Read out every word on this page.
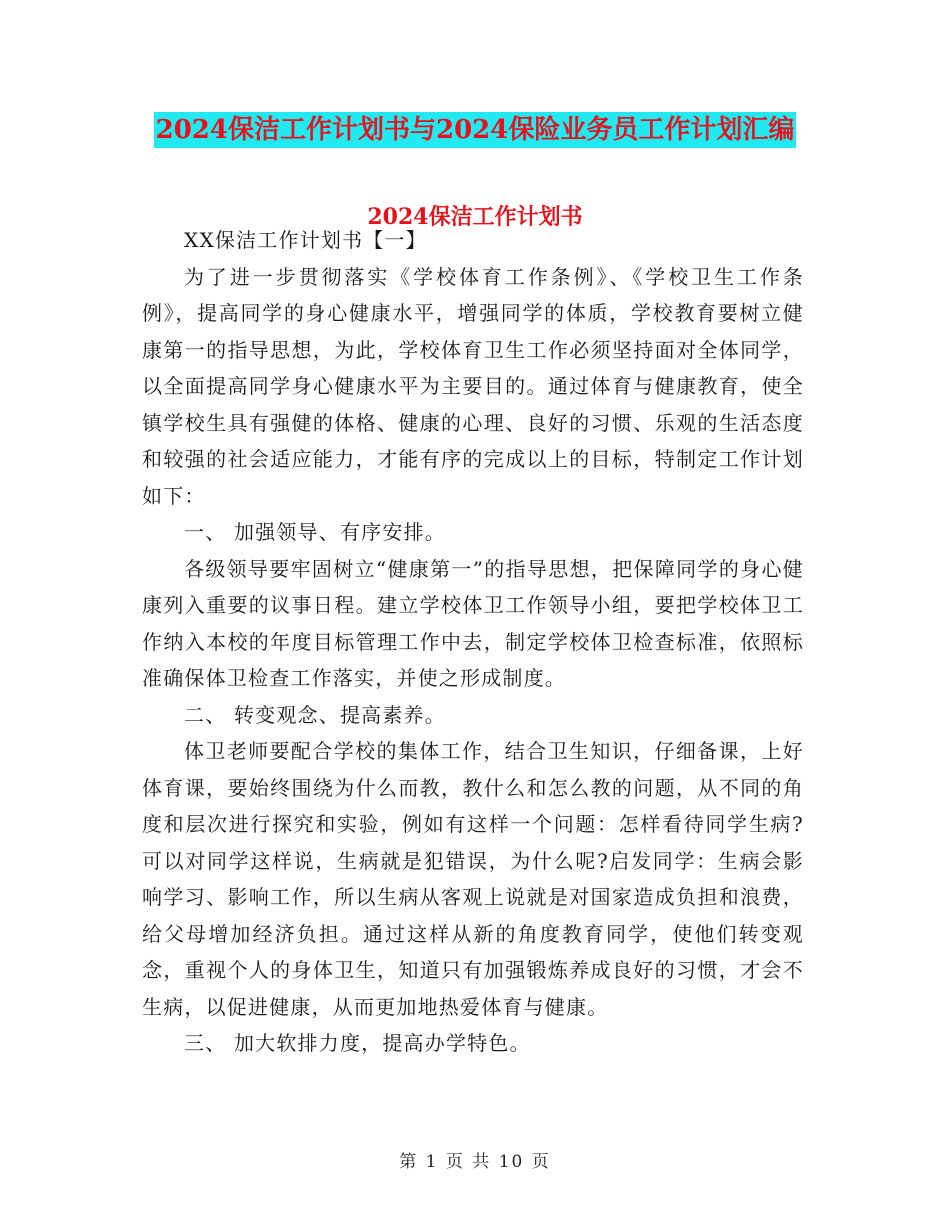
2024保洁工作计划书与2024保险业务员工作计划汇编
2024保洁工作计划书

XX保洁工作计划书【一】

为了进一步贯彻落实《学校体育工作条例》、《学校卫生工作条例》，提高同学的身心健康水平，增强同学的体质，学校教育要树立健康第一的指导思想，为此，学校体育卫生工作必须坚持面对全体同学，以全面提高同学身心健康水平为主要目的。通过体育与健康教育，使全镇学校生具有强健的体格、健康的心理、良好的习惯、乐观的生活态度和较强的社会适应能力，才能有序的完成以上的目标，特制定工作计划如下：

一、 加强领导、有序安排。

各级领导要牢固树立“健康第一”的指导思想，把保障同学的身心健康列入重要的议事日程。建立学校体卫工作领导小组，要把学校体卫工作纳入本校的年度目标管理工作中去，制定学校体卫检查标准，依照标准确保体卫检查工作落实，并使之形成制度。

二、 转变观念、提高素养。

体卫老师要配合学校的集体工作，结合卫生知识，仔细备课，上好体育课，要始终围绕为什么而教，教什么和怎么教的问题，从不同的角度和层次进行探究和实验，例如有这样一个问题：怎样看待同学生病?可以对同学这样说，生病就是犯错误，为什么呢?启发同学：生病会影响学习、影响工作，所以生病从客观上说就是对国家造成负担和浪费，给父母增加经济负担。通过这样从新的角度教育同学，使他们转变观念，重视个人的身体卫生，知道只有加强锻炼养成良好的习惯，才会不生病，以促进健康，从而更加地热爱体育与健康。

三、 加大软排力度，提高办学特色。

第 1 页 共 10 页
